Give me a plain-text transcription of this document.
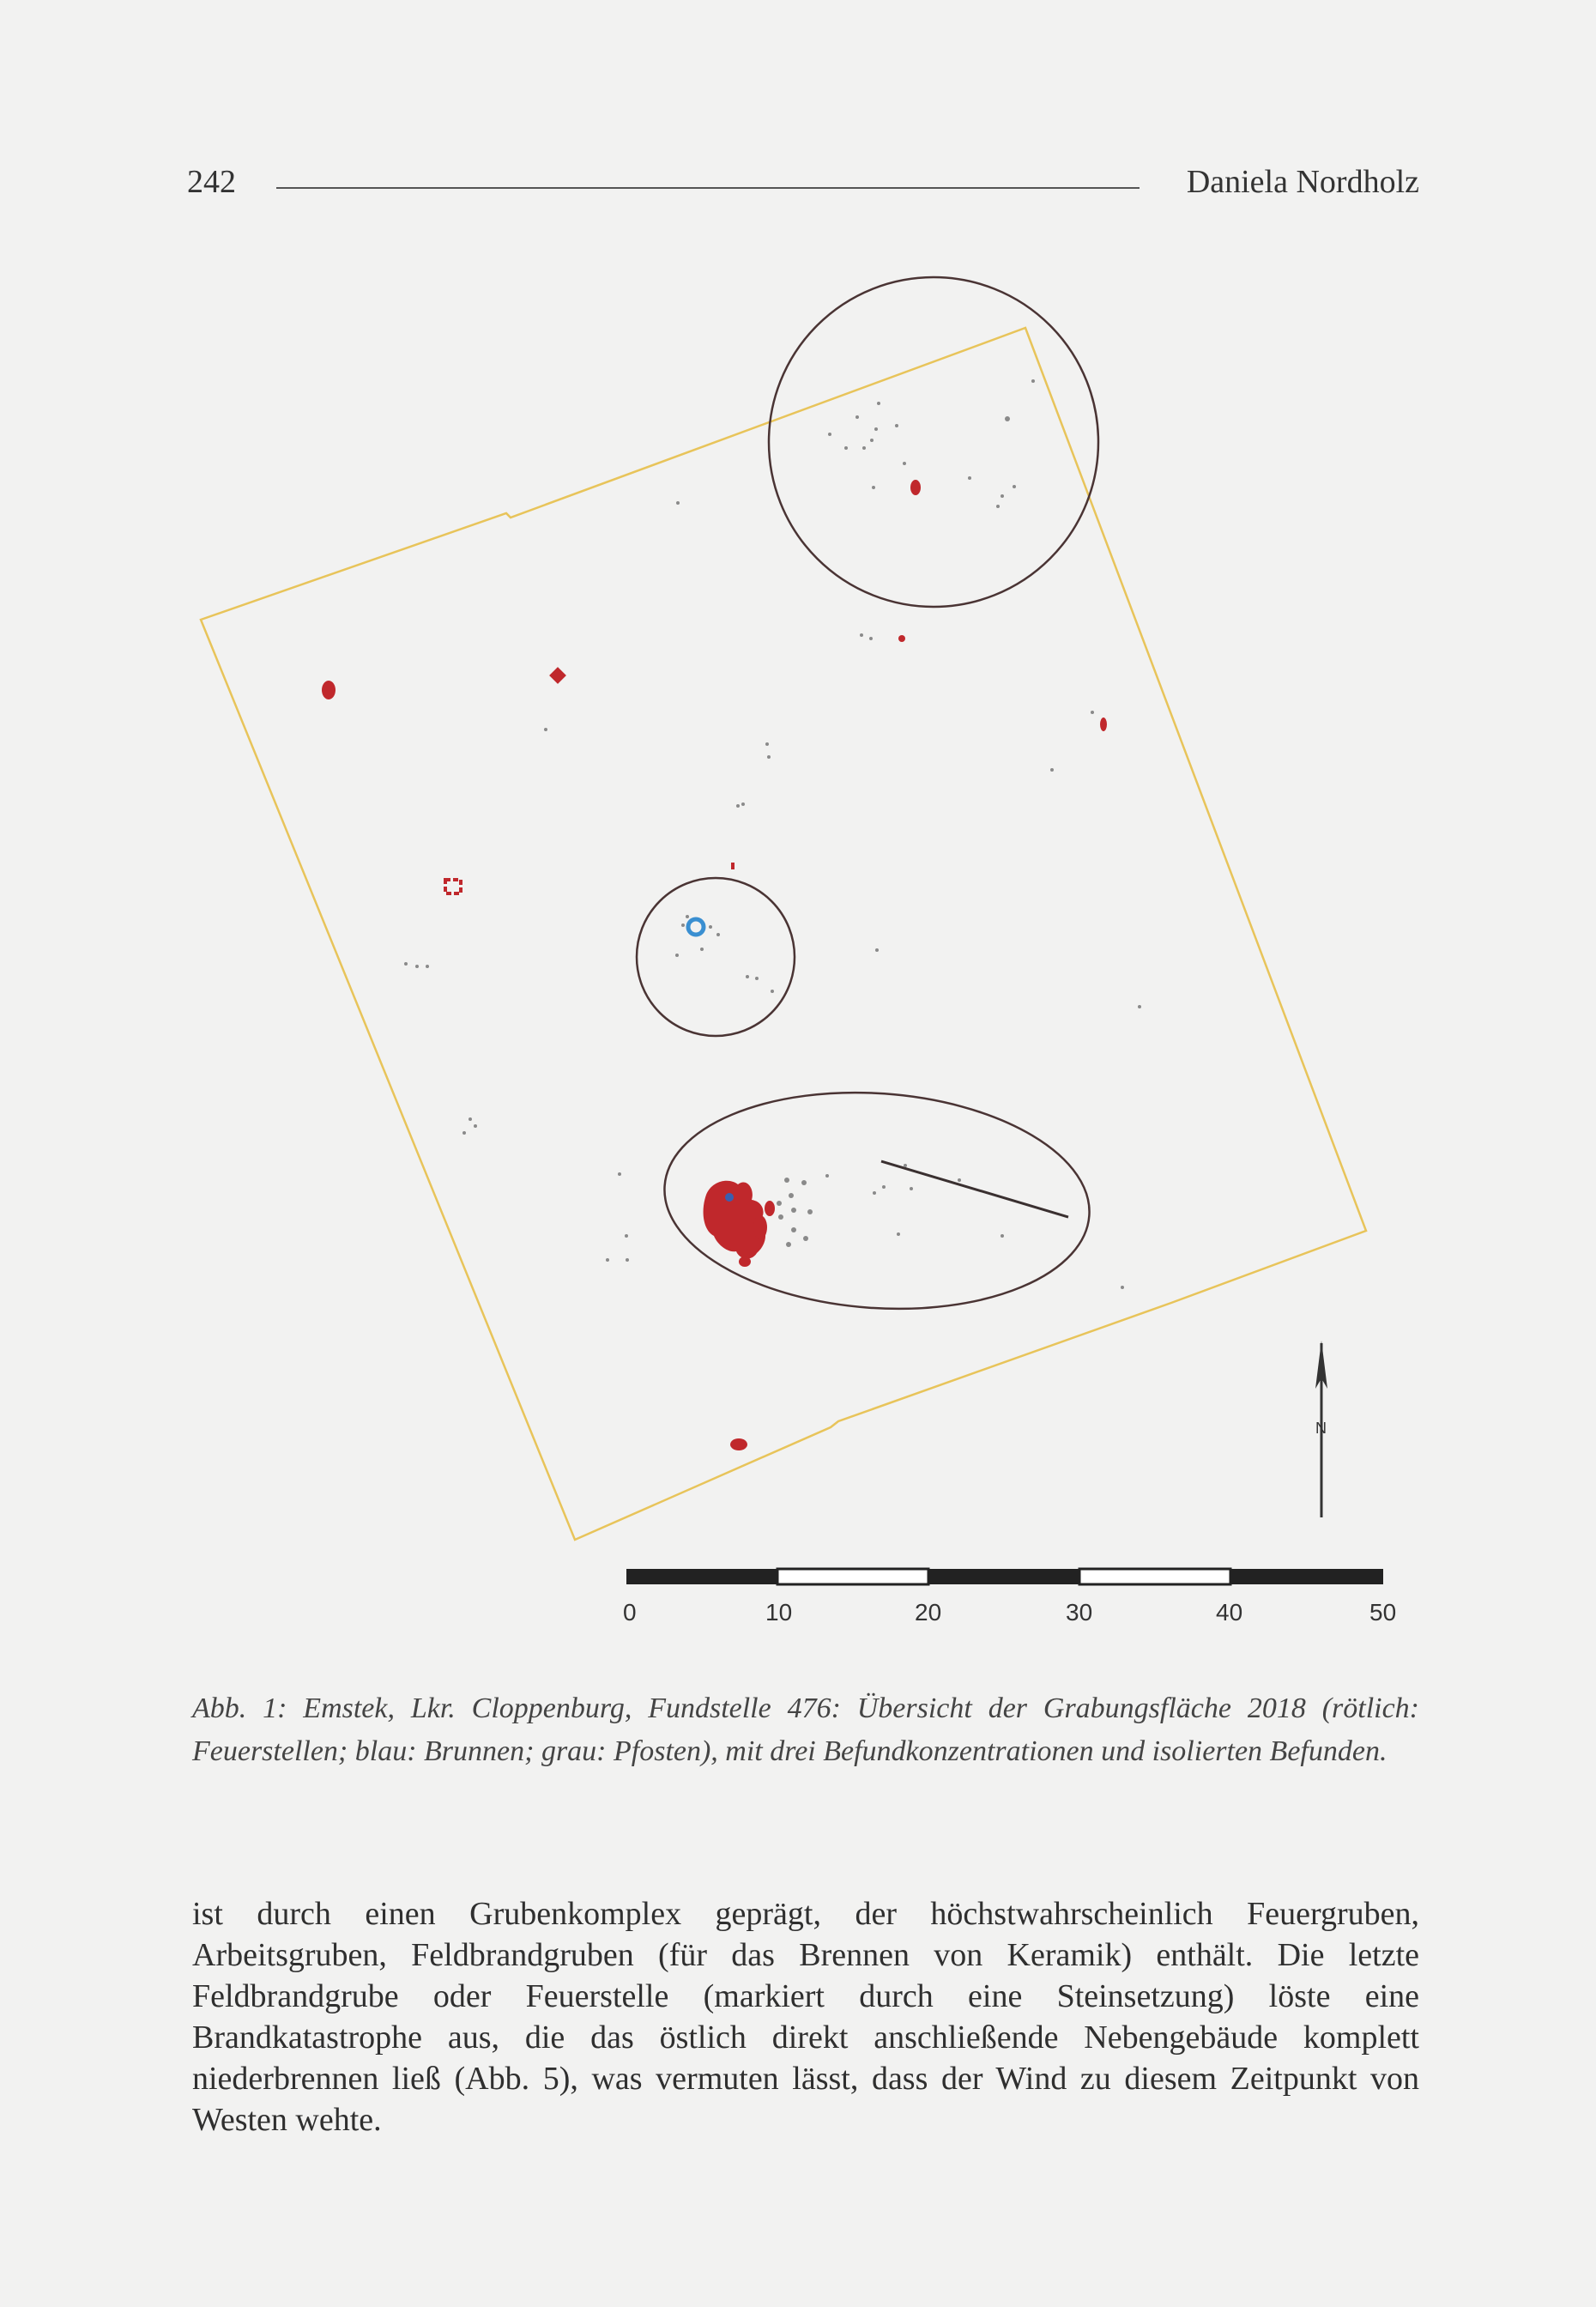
242	Daniela Nordholz
N
0	10	20	30	40	50

Abb. 1: Emstek, Lkr. Cloppenburg, Fundstelle 476: Übersicht der Grabungsfläche 2018 (rötlich: Feuerstellen; blau: Brunnen; grau: Pfosten), mit drei Befundkonzentrationen und isolierten Befunden.

ist durch einen Grubenkomplex geprägt, der höchstwahrscheinlich Feuergruben, Arbeitsgruben, Feldbrandgruben (für das Brennen von Keramik) enthält. Die letzte Feldbrandgrube oder Feuerstelle (markiert durch eine Steinsetzung) löste eine Brandkatastrophe aus, die das östlich direkt anschließende Nebengebäude komplett niederbrennen ließ (Abb. 5), was vermuten lässt, dass der Wind zu diesem Zeitpunkt von Westen wehte.
